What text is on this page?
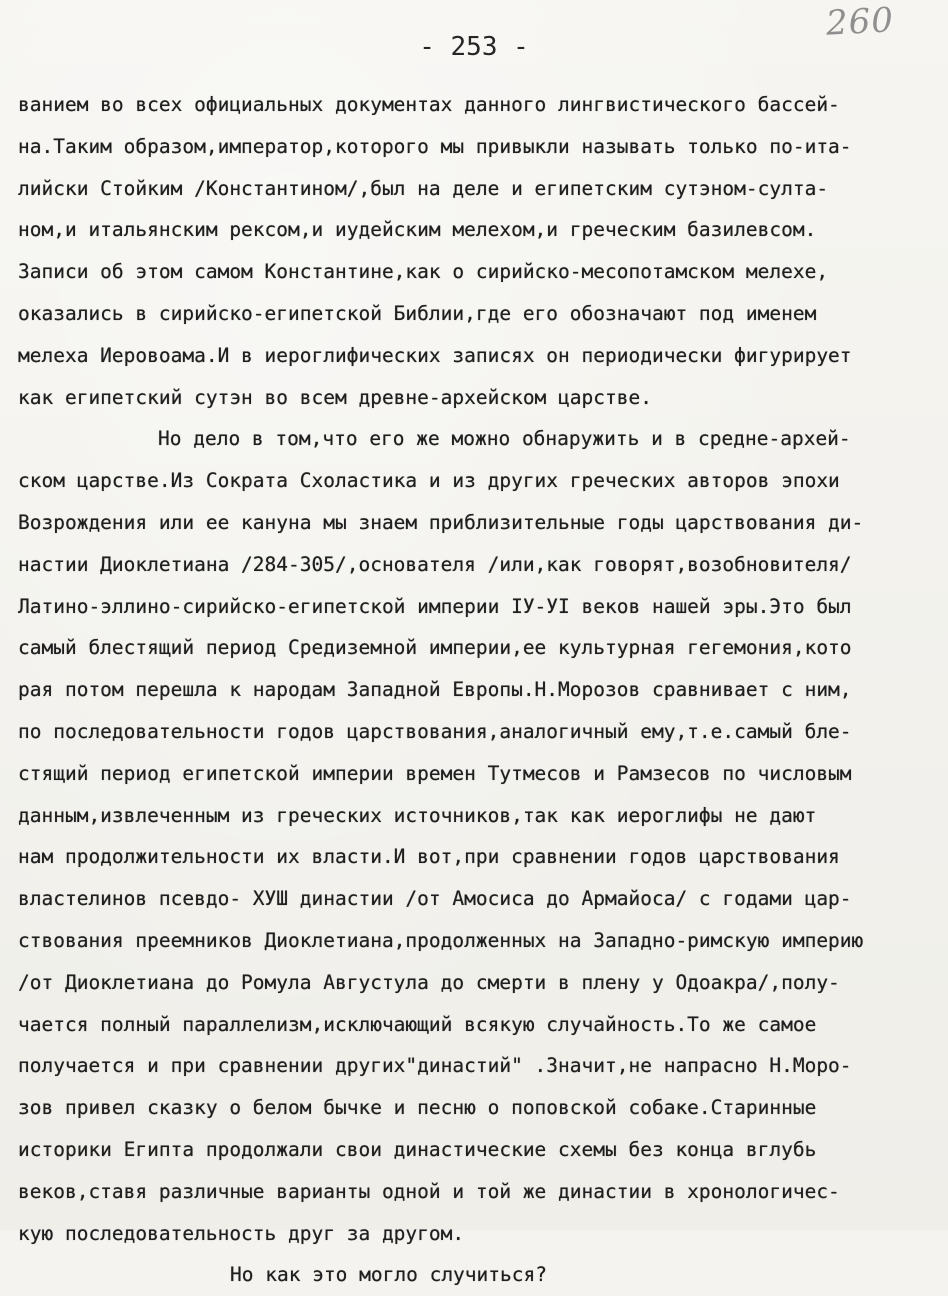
260
- 253 -
ванием во всех официальных документах данного лингвистического бассей-
на.Таким образом,император,которого мы привыкли называть только по-ита-
лийски Стойким /Константином/,был на деле и египетским сутэном-султа-
ном,и итальянским рексом,и иудейским мелехом,и греческим базилевсом.
Записи об этом самом Константине,как о сирийско-месопотамском мелехе,
оказались в сирийско-египетской Библии,где его обозначают под именем
мелеха Иеровоама.И в иероглифических записях он периодически фигурирует
как египетский сутэн во всем древне-архейском царстве.
Но дело в том,что его же можно обнаружить и в средне-архей-
ском царстве.Из Сократа Схоластика и из других греческих авторов эпохи
Возрождения или ее кануна мы знаем приблизительные годы царствования ди-
настии Диоклетиана /284-305/,основателя /или,как говорят,возобновителя/
Латино-эллино-сирийско-египетской империи IУ-УI веков нашей эры.Это был
самый блестящий период Средиземной империи,ее культурная гегемония,кото
рая потом перешла к народам Западной Европы.Н.Морозов сравнивает с ним,
по последовательности годов царствования,аналогичный ему,т.е.самый бле-
стящий период египетской империи времен Тутмесов и Рамзесов по числовым
данным,извлеченным из греческих источников,так как иероглифы не дают
нам продолжительности их власти.И вот,при сравнении годов царствования
властелинов псевдо- ХУШ династии /от Амосиса до Армайоса/ с годами цар-
ствования преемников Диоклетиана,продолженных на Западно-римскую империю
/от Диоклетиана до Ромула Августула до смерти в плену у Одоакра/,полу-
чается полный параллелизм,исключающий всякую случайность.То же самое
получается и при сравнении других"династий" .Значит,не напрасно Н.Моро-
зов привел сказку о белом бычке и песню о поповской собаке.Старинные
историки Египта продолжали свои династические схемы без конца вглубь
веков,ставя различные варианты одной и той же династии в хронологичес-
кую последовательность друг за другом.
Но как это могло случиться?
